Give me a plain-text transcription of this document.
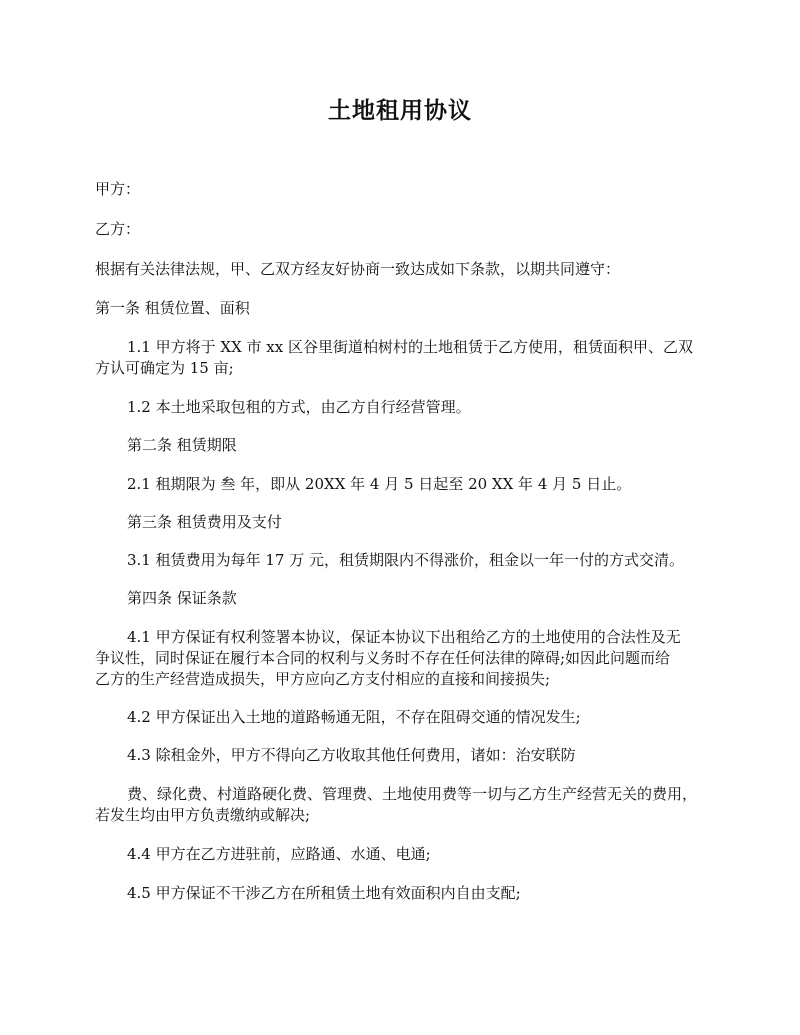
土地租用协议
甲方：
乙方：
根据有关法律法规，甲、乙双方经友好协商一致达成如下条款，以期共同遵守：
第一条 租赁位置、面积
1.1 甲方将于 XX 市 xx 区谷里街道柏树村的土地租赁于乙方使用，租赁面积甲、乙双
方认可确定为 15 亩;
1.2 本土地采取包租的方式，由乙方自行经营管理。
第二条 租赁期限
2.1 租期限为 叁 年，即从 20XX 年 4 月 5 日起至 20 XX 年 4 月 5 日止。
第三条 租赁费用及支付
3.1 租赁费用为每年 17 万 元，租赁期限内不得涨价，租金以一年一付的方式交清。
第四条 保证条款
4.1 甲方保证有权利签署本协议，保证本协议下出租给乙方的土地使用的合法性及无
争议性，同时保证在履行本合同的权利与义务时不存在任何法律的障碍;如因此问题而给
乙方的生产经营造成损失，甲方应向乙方支付相应的直接和间接损失;
4.2 甲方保证出入土地的道路畅通无阻，不存在阻碍交通的情况发生;
4.3 除租金外，甲方不得向乙方收取其他任何费用，诸如：治安联防
费、绿化费、村道路硬化费、管理费、土地使用费等一切与乙方生产经营无关的费用，
若发生均由甲方负责缴纳或解决;
4.4 甲方在乙方进驻前，应路通、水通、电通;
4.5 甲方保证不干涉乙方在所租赁土地有效面积内自由支配;
